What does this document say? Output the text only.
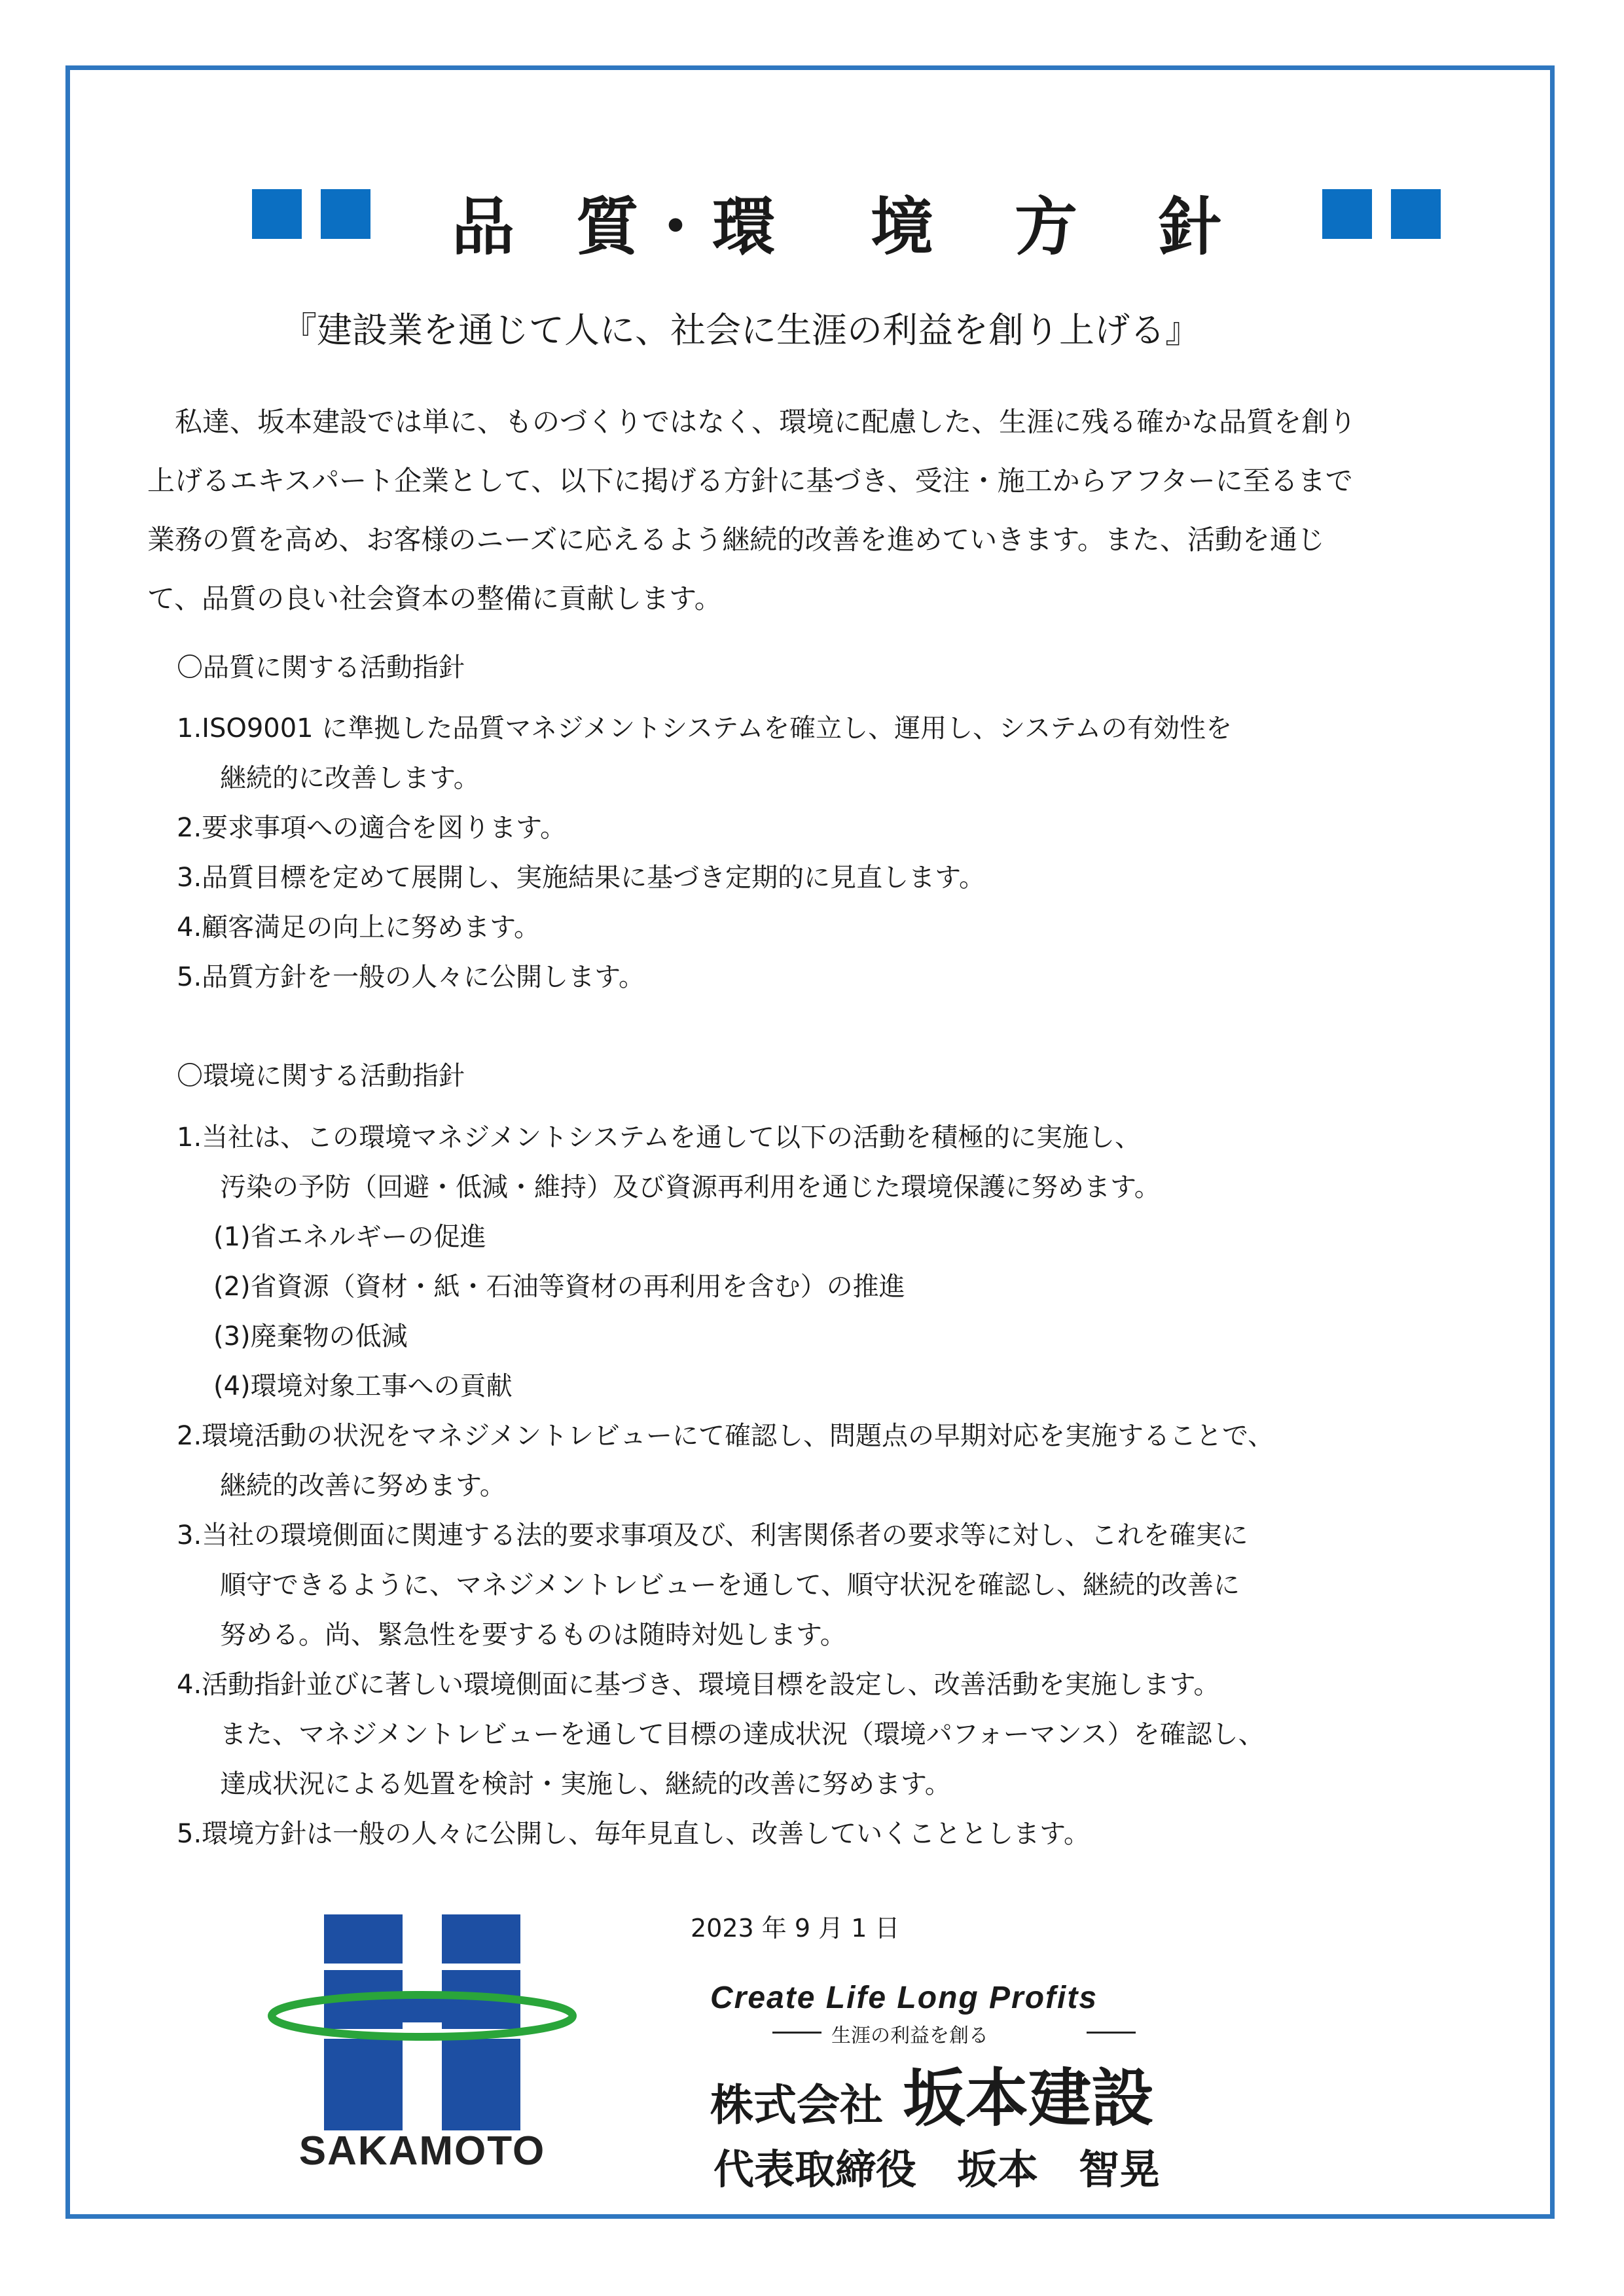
品 質・環 境 方 針
『建設業を通じて人に、社会に生涯の利益を創り上げる』

　私達、坂本建設では単に、ものづくりではなく、環境に配慮した、生涯に残る確かな品質を創り

上げるエキスパート企業として、以下に掲げる方針に基づき、受注・施工からアフターに至るまで

業務の質を高め、お客様のニーズに応えるよう継続的改善を進めていきます。また、活動を通じ

て、品質の良い社会資本の整備に貢献します。

〇品質に関する活動指針

1.ISO9001 に準拠した品質マネジメントシステムを確立し、運用し、システムの有効性を

継続的に改善します。

2.要求事項への適合を図ります。

3.品質目標を定めて展開し、実施結果に基づき定期的に見直します。

4.顧客満足の向上に努めます。

5.品質方針を一般の人々に公開します。

〇環境に関する活動指針

1.当社は、この環境マネジメントシステムを通して以下の活動を積極的に実施し、

汚染の予防（回避・低減・維持）及び資源再利用を通じた環境保護に努めます。

(1)省エネルギーの促進

(2)省資源（資材・紙・石油等資材の再利用を含む）の推進

(3)廃棄物の低減

(4)環境対象工事への貢献

2.環境活動の状況をマネジメントレビューにて確認し、問題点の早期対応を実施することで、

継続的改善に努めます。

3.当社の環境側面に関連する法的要求事項及び、利害関係者の要求等に対し、これを確実に

順守できるように、マネジメントレビューを通して、順守状況を確認し、継続的改善に

努める。尚、緊急性を要するものは随時対処します。

4.活動指針並びに著しい環境側面に基づき、環境目標を設定し、改善活動を実施します。

また、マネジメントレビューを通して目標の達成状況（環境パフォーマンス）を確認し、

達成状況による処置を検討・実施し、継続的改善に努めます。

5.環境方針は一般の人々に公開し、毎年見直し、改善していくこととします。

2023 年 9 月 1 日
SAKAMOTO
Create Life Long Profits
生涯の利益を創る
株式会社 坂本建設
代表取締役　坂本　智晃
